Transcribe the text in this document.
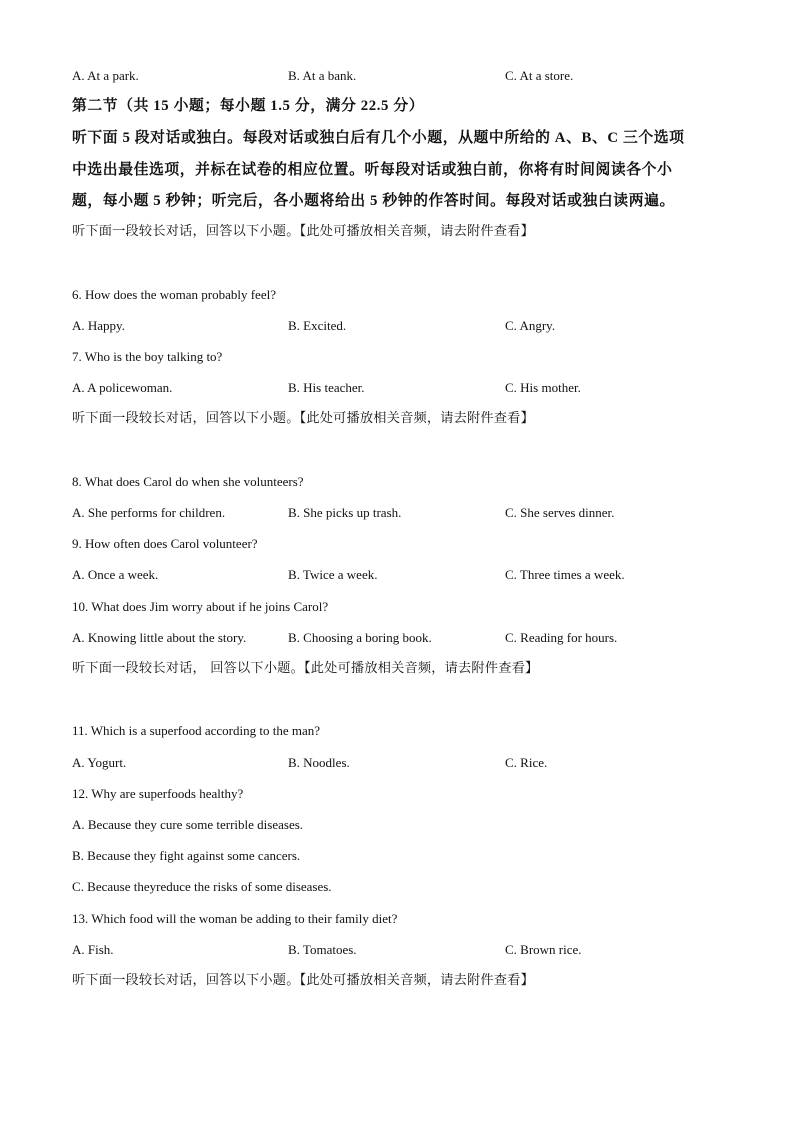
A. At a park.	B. At a bank.	C. At a store.
第二节（共 15 小题；每小题 1.5 分，满分 22.5 分）
听下面 5 段对话或独白。每段对话或独白后有几个小题，从题中所给的 A、B、C 三个选项
中选出最佳选项，并标在试卷的相应位置。听每段对话或独白前，你将有时间阅读各个小
题，每小题 5 秒钟；听完后，各小题将给出 5 秒钟的作答时间。每段对话或独白读两遍。
听下面一段较长对话，回答以下小题。【此处可播放相关音频，请去附件查看】
6. How does the woman probably feel?
A. Happy.	B. Excited.	C. Angry.
7. Who is the boy talking to?
A. A policewoman.	B. His teacher.	C. His mother.
听下面一段较长对话，回答以下小题。【此处可播放相关音频，请去附件查看】
8. What does Carol do when she volunteers?
A. She performs for children.	B. She picks up trash.	C. She serves dinner.
9. How often does Carol volunteer?
A. Once a week.	B. Twice a week.	C. Three times a week.
10. What does Jim worry about if he joins Carol?
A. Knowing little about the story.	B. Choosing a boring book.	C. Reading for hours.
听下面一段较长对话， 回答以下小题。【此处可播放相关音频，请去附件查看】
11. Which is a superfood according to the man?
A. Yogurt.	B. Noodles.	C. Rice.
12. Why are superfoods healthy?
A. Because they cure some terrible diseases.
B. Because they fight against some cancers.
C. Because theyreduce the risks of some diseases.
13. Which food will the woman be adding to their family diet?
A. Fish.	B. Tomatoes.	C. Brown rice.
听下面一段较长对话，回答以下小题。【此处可播放相关音频，请去附件查看】
